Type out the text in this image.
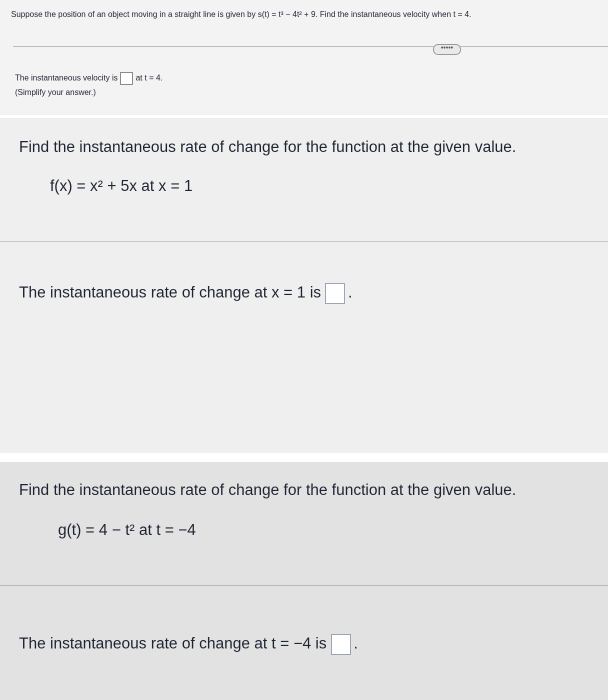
Suppose the position of an object moving in a straight line is given by s(t) = t³ − 4t² + 9. Find the instantaneous velocity when t = 4.
•••••
The instantaneous velocity is at t = 4.
(Simplify your answer.)
Find the instantaneous rate of change for the function at the given value.
f(x) = x² + 5x at x = 1
The instantaneous rate of change at x = 1 is .
Find the instantaneous rate of change for the function at the given value.
g(t) = 4 − t² at t = −4
The instantaneous rate of change at t = −4 is .
